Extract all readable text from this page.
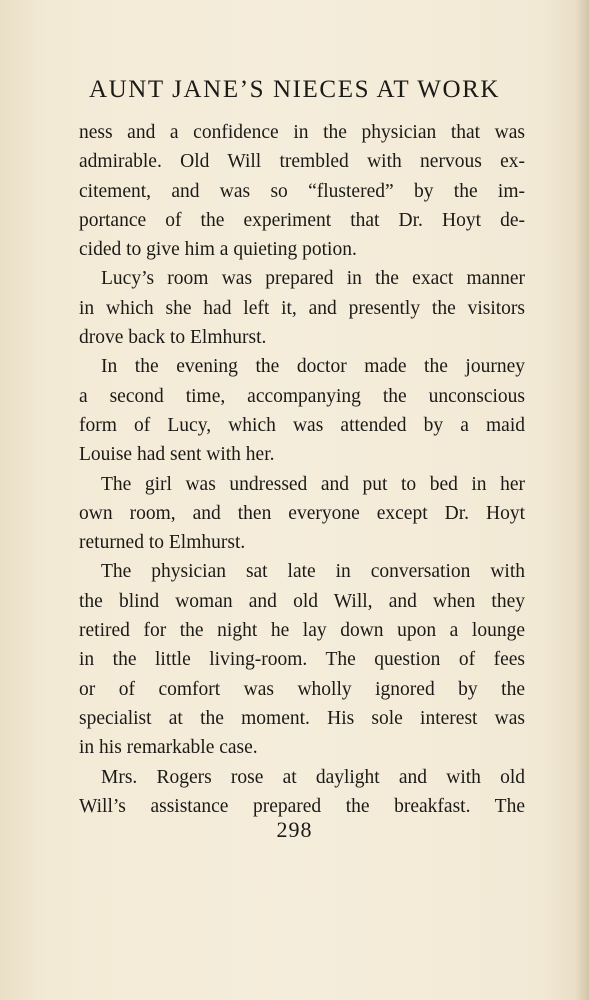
AUNT JANE’S NIECES AT WORK
ness and a confidence in the physician that was
admirable. Old Will trembled with nervous ex-
citement, and was so “flustered” by the im-
portance of the experiment that Dr. Hoyt de-
cided to give him a quieting potion.
Lucy’s room was prepared in the exact manner
in which she had left it, and presently the visitors
drove back to Elmhurst.
In the evening the doctor made the journey
a second time, accompanying the unconscious
form of Lucy, which was attended by a maid
Louise had sent with her.
The girl was undressed and put to bed in her
own room, and then everyone except Dr. Hoyt
returned to Elmhurst.
The physician sat late in conversation with
the blind woman and old Will, and when they
retired for the night he lay down upon a lounge
in the little living-room. The question of fees
or of comfort was wholly ignored by the
specialist at the moment. His sole interest was
in his remarkable case.
Mrs. Rogers rose at daylight and with old
Will’s assistance prepared the breakfast. The
298
